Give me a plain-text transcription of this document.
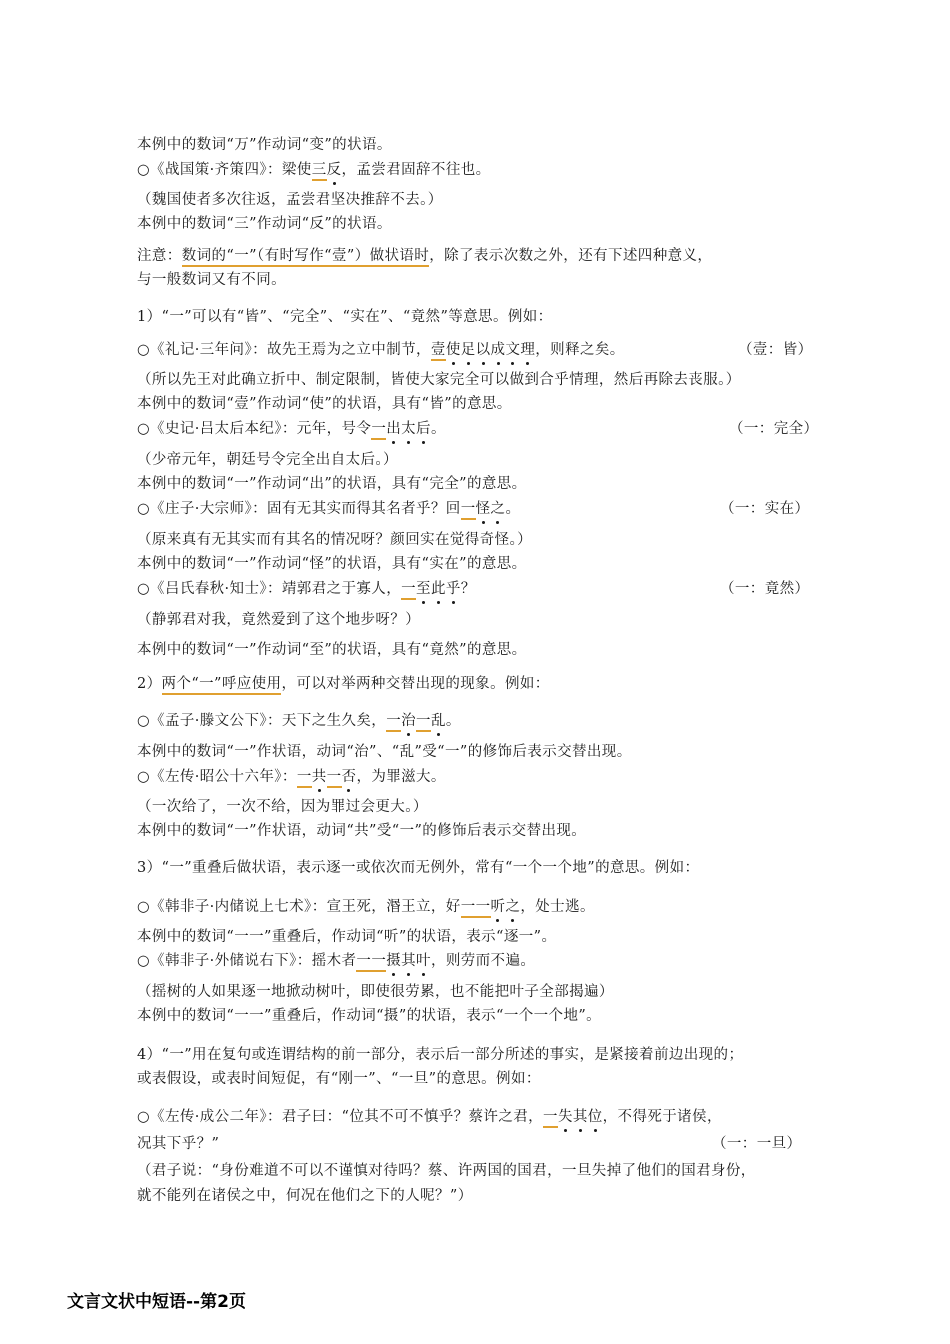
本例中的数词“万”作动词“变”的状语。
○《战国策·齐策四》：梁使三反，孟尝君固辞不往也。
（魏国使者多次往返，孟尝君坚决推辞不去。）
本例中的数词“三”作动词“反”的状语。
注意：数词的“一”（有时写作“壹”）做状语时，除了表示次数之外，还有下述四种意义，
与一般数词又有不同。
1）“一”可以有“皆”、“完全”、“实在”、“竟然”等意思。例如：
○《礼记·三年问》：故先王焉为之立中制节，壹使足以成文理，则释之矣。	（壹：皆）
（所以先王对此确立折中、制定限制，皆使大家完全可以做到合乎情理，然后再除去丧服。）
本例中的数词“壹”作动词“使”的状语，具有“皆”的意思。
○《史记·吕太后本纪》：元年，号令一出太后。	（一：完全）
（少帝元年，朝廷号令完全出自太后。）
本例中的数词“一”作动词“出”的状语，具有“完全”的意思。
○《庄子·大宗师》：固有无其实而得其名者乎？回一怪之。	（一：实在）
（原来真有无其实而有其名的情况呀？颜回实在觉得奇怪。）
本例中的数词“一”作动词“怪”的状语，具有“实在”的意思。
○《吕氏春秋·知士》：靖郭君之于寡人，一至此乎？	（一：竟然）
（静郭君对我，竟然爱到了这个地步呀？）
本例中的数词“一”作动词“至”的状语，具有“竟然”的意思。
2）两个“一”呼应使用，可以对举两种交替出现的现象。例如：
○《孟子·滕文公下》：天下之生久矣，一治一乱。
本例中的数词“一”作状语，动词“治”、“乱”受“一”的修饰后表示交替出现。
○《左传·昭公十六年》：一共一否，为罪滋大。
（一次给了，一次不给，因为罪过会更大。）
本例中的数词“一”作状语，动词“共”受“一”的修饰后表示交替出现。
3）“一”重叠后做状语，表示逐一或依次而无例外，常有“一个一个地”的意思。例如：
○《韩非子·内储说上七术》：宣王死，湣王立，好一一听之，处士逃。
本例中的数词“一一”重叠后，作动词“听”的状语，表示“逐一”。
○《韩非子·外储说右下》：摇木者一一摄其叶，则劳而不遍。
（摇树的人如果逐一地掀动树叶，即使很劳累，也不能把叶子全部揭遍）
本例中的数词“一一”重叠后，作动词“摄”的状语，表示“一个一个地”。
4）“一”用在复句或连谓结构的前一部分，表示后一部分所述的事实，是紧接着前边出现的；
或表假设，或表时间短促，有“刚一”、“一旦”的意思。例如：
○《左传·成公二年》：君子曰：“位其不可不慎乎？蔡许之君，一失其位，不得死于诸侯，
况其下乎？”	（一：一旦）
（君子说：“身份难道不可以不谨慎对待吗？蔡、许两国的国君，一旦失掉了他们的国君身份，
就不能列在诸侯之中，何况在他们之下的人呢？”）
文言文状中短语--第2页
